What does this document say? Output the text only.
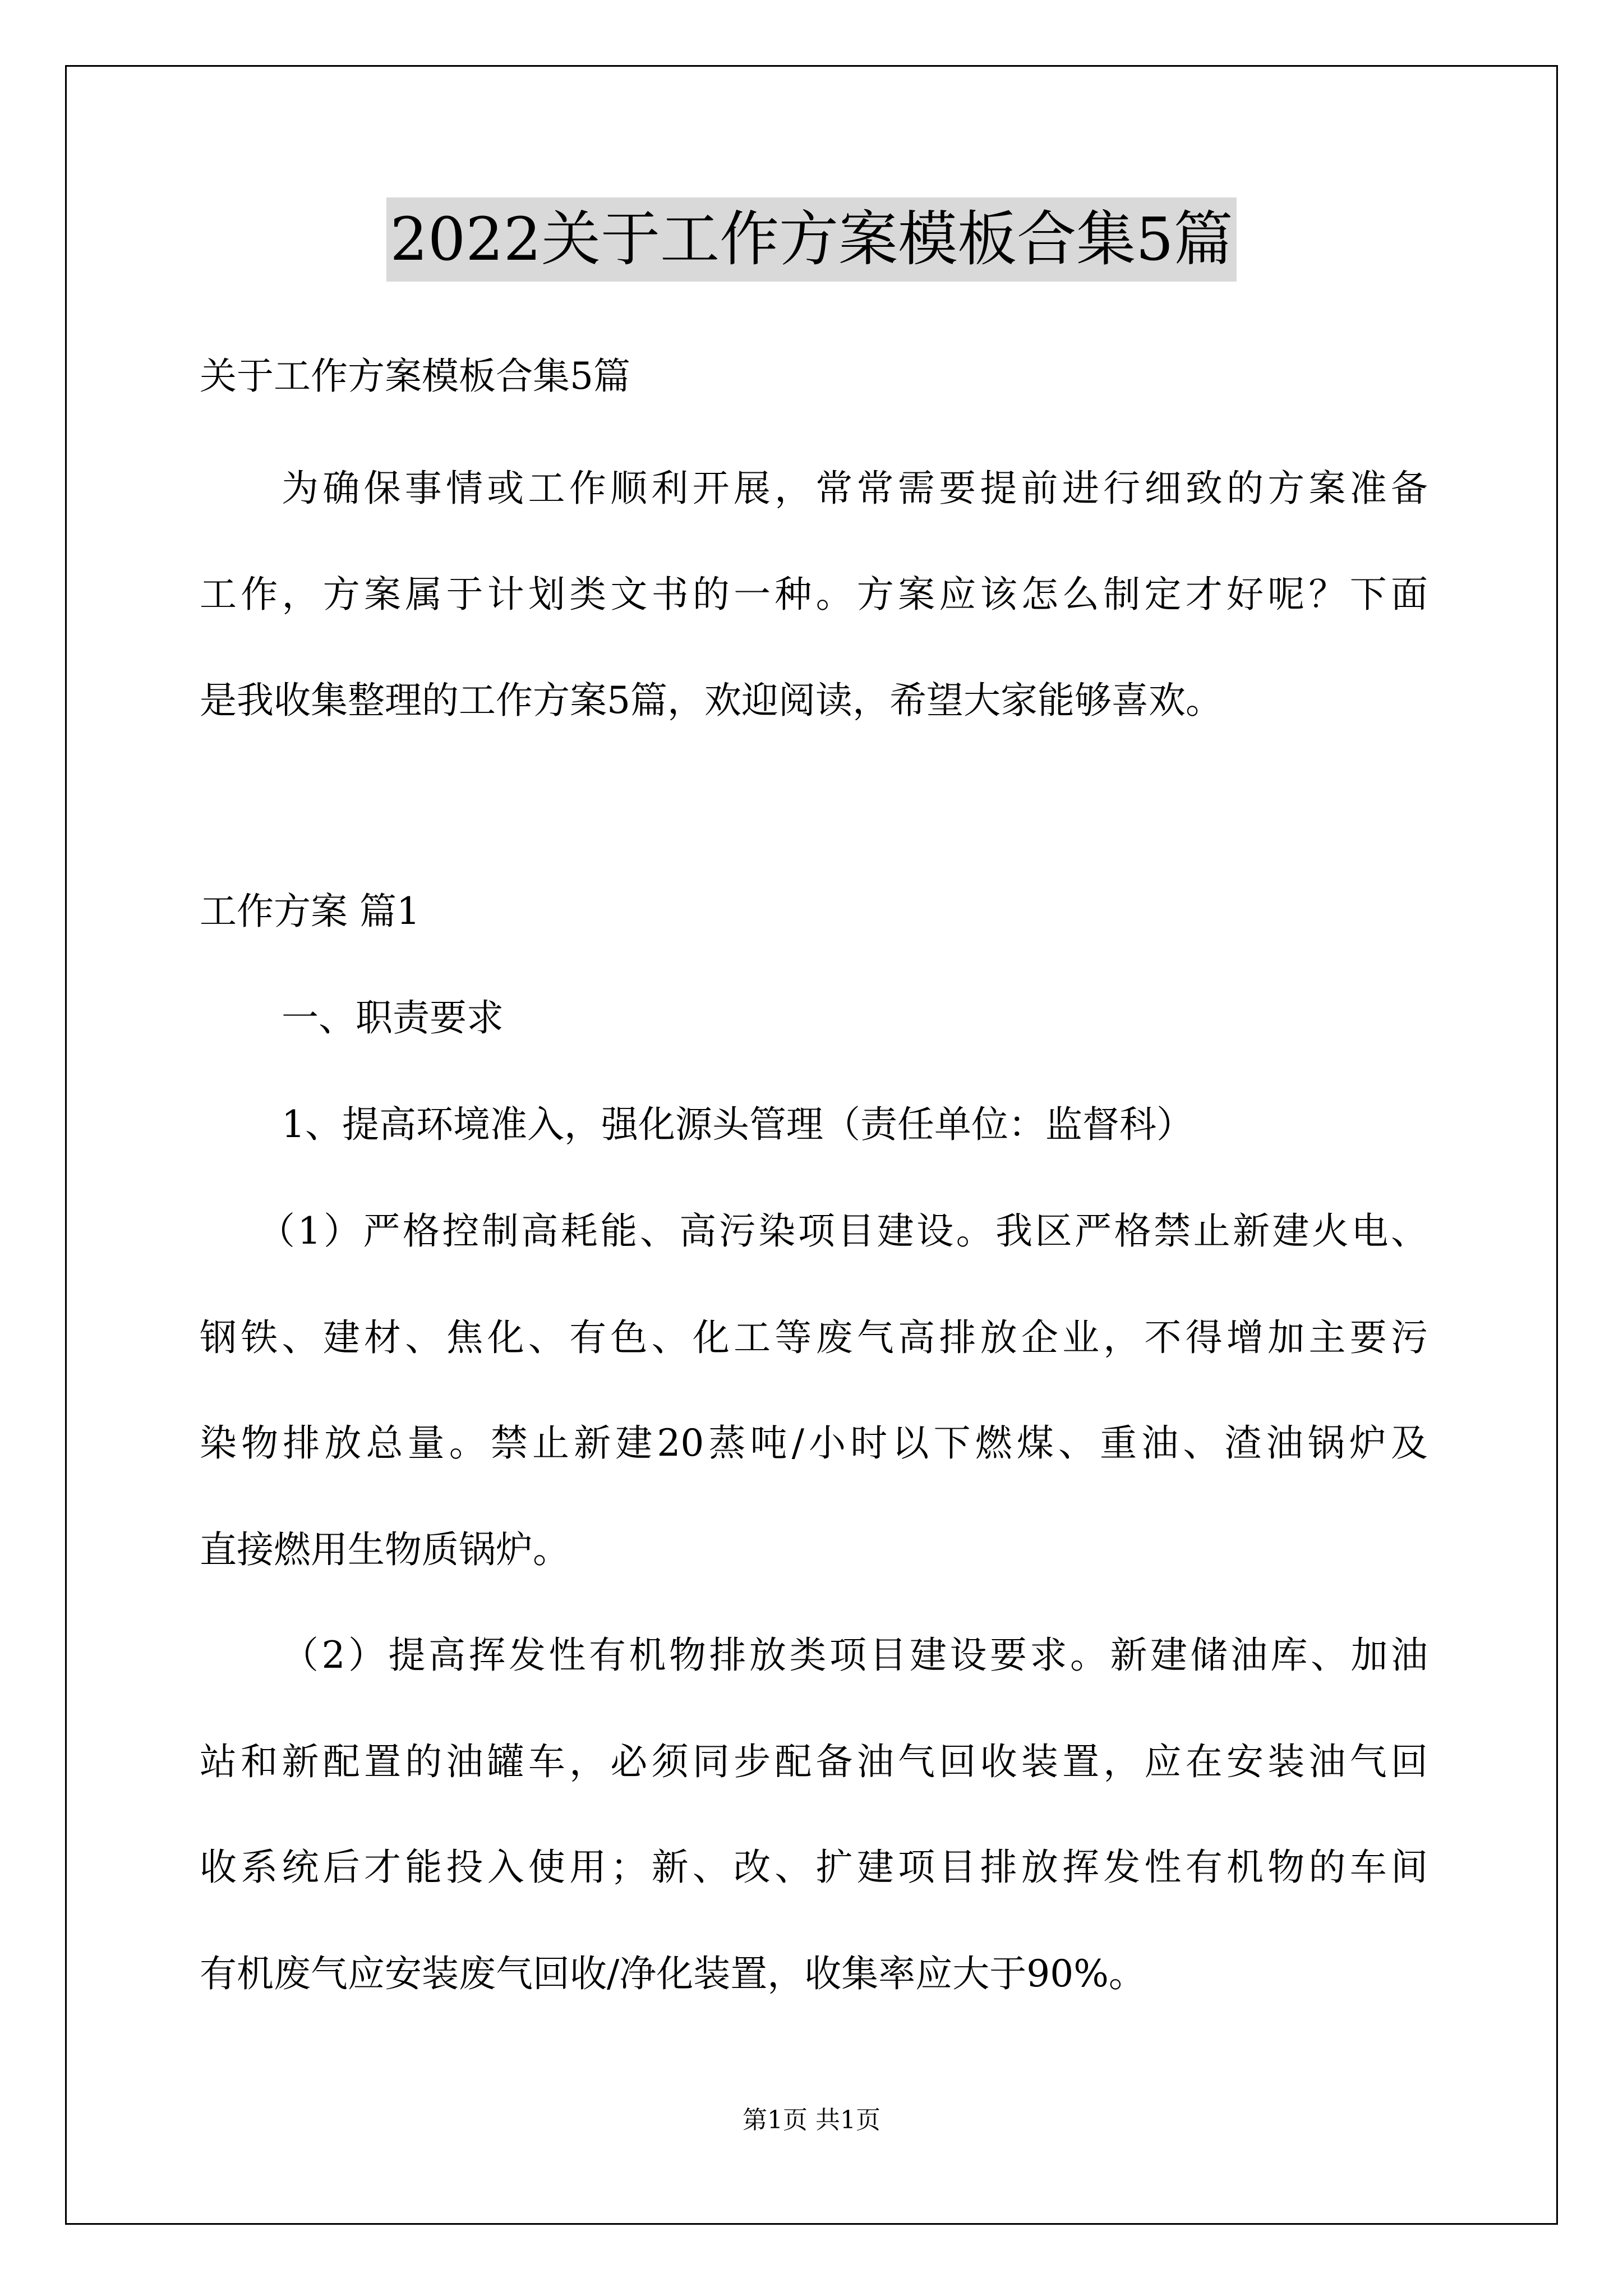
2022关于工作方案模板合集5篇
关于工作方案模板合集5篇
为确保事情或工作顺利开展，常常需要提前进行细致的方案准备
工作，方案属于计划类文书的一种。方案应该怎么制定才好呢？下面
是我收集整理的工作方案5篇，欢迎阅读，希望大家能够喜欢。
工作方案 篇1
一、职责要求
1、提高环境准入，强化源头管理（责任单位：监督科）
（1）严格控制高耗能、高污染项目建设。我区严格禁止新建火电、
钢铁、建材、焦化、有色、化工等废气高排放企业，不得增加主要污
染物排放总量。禁止新建20蒸吨/小时以下燃煤、重油、渣油锅炉及
直接燃用生物质锅炉。
（2）提高挥发性有机物排放类项目建设要求。新建储油库、加油
站和新配置的油罐车，必须同步配备油气回收装置，应在安装油气回
收系统后才能投入使用；新、改、扩建项目排放挥发性有机物的车间
有机废气应安装废气回收/净化装置，收集率应大于90%。
第1页 共1页
